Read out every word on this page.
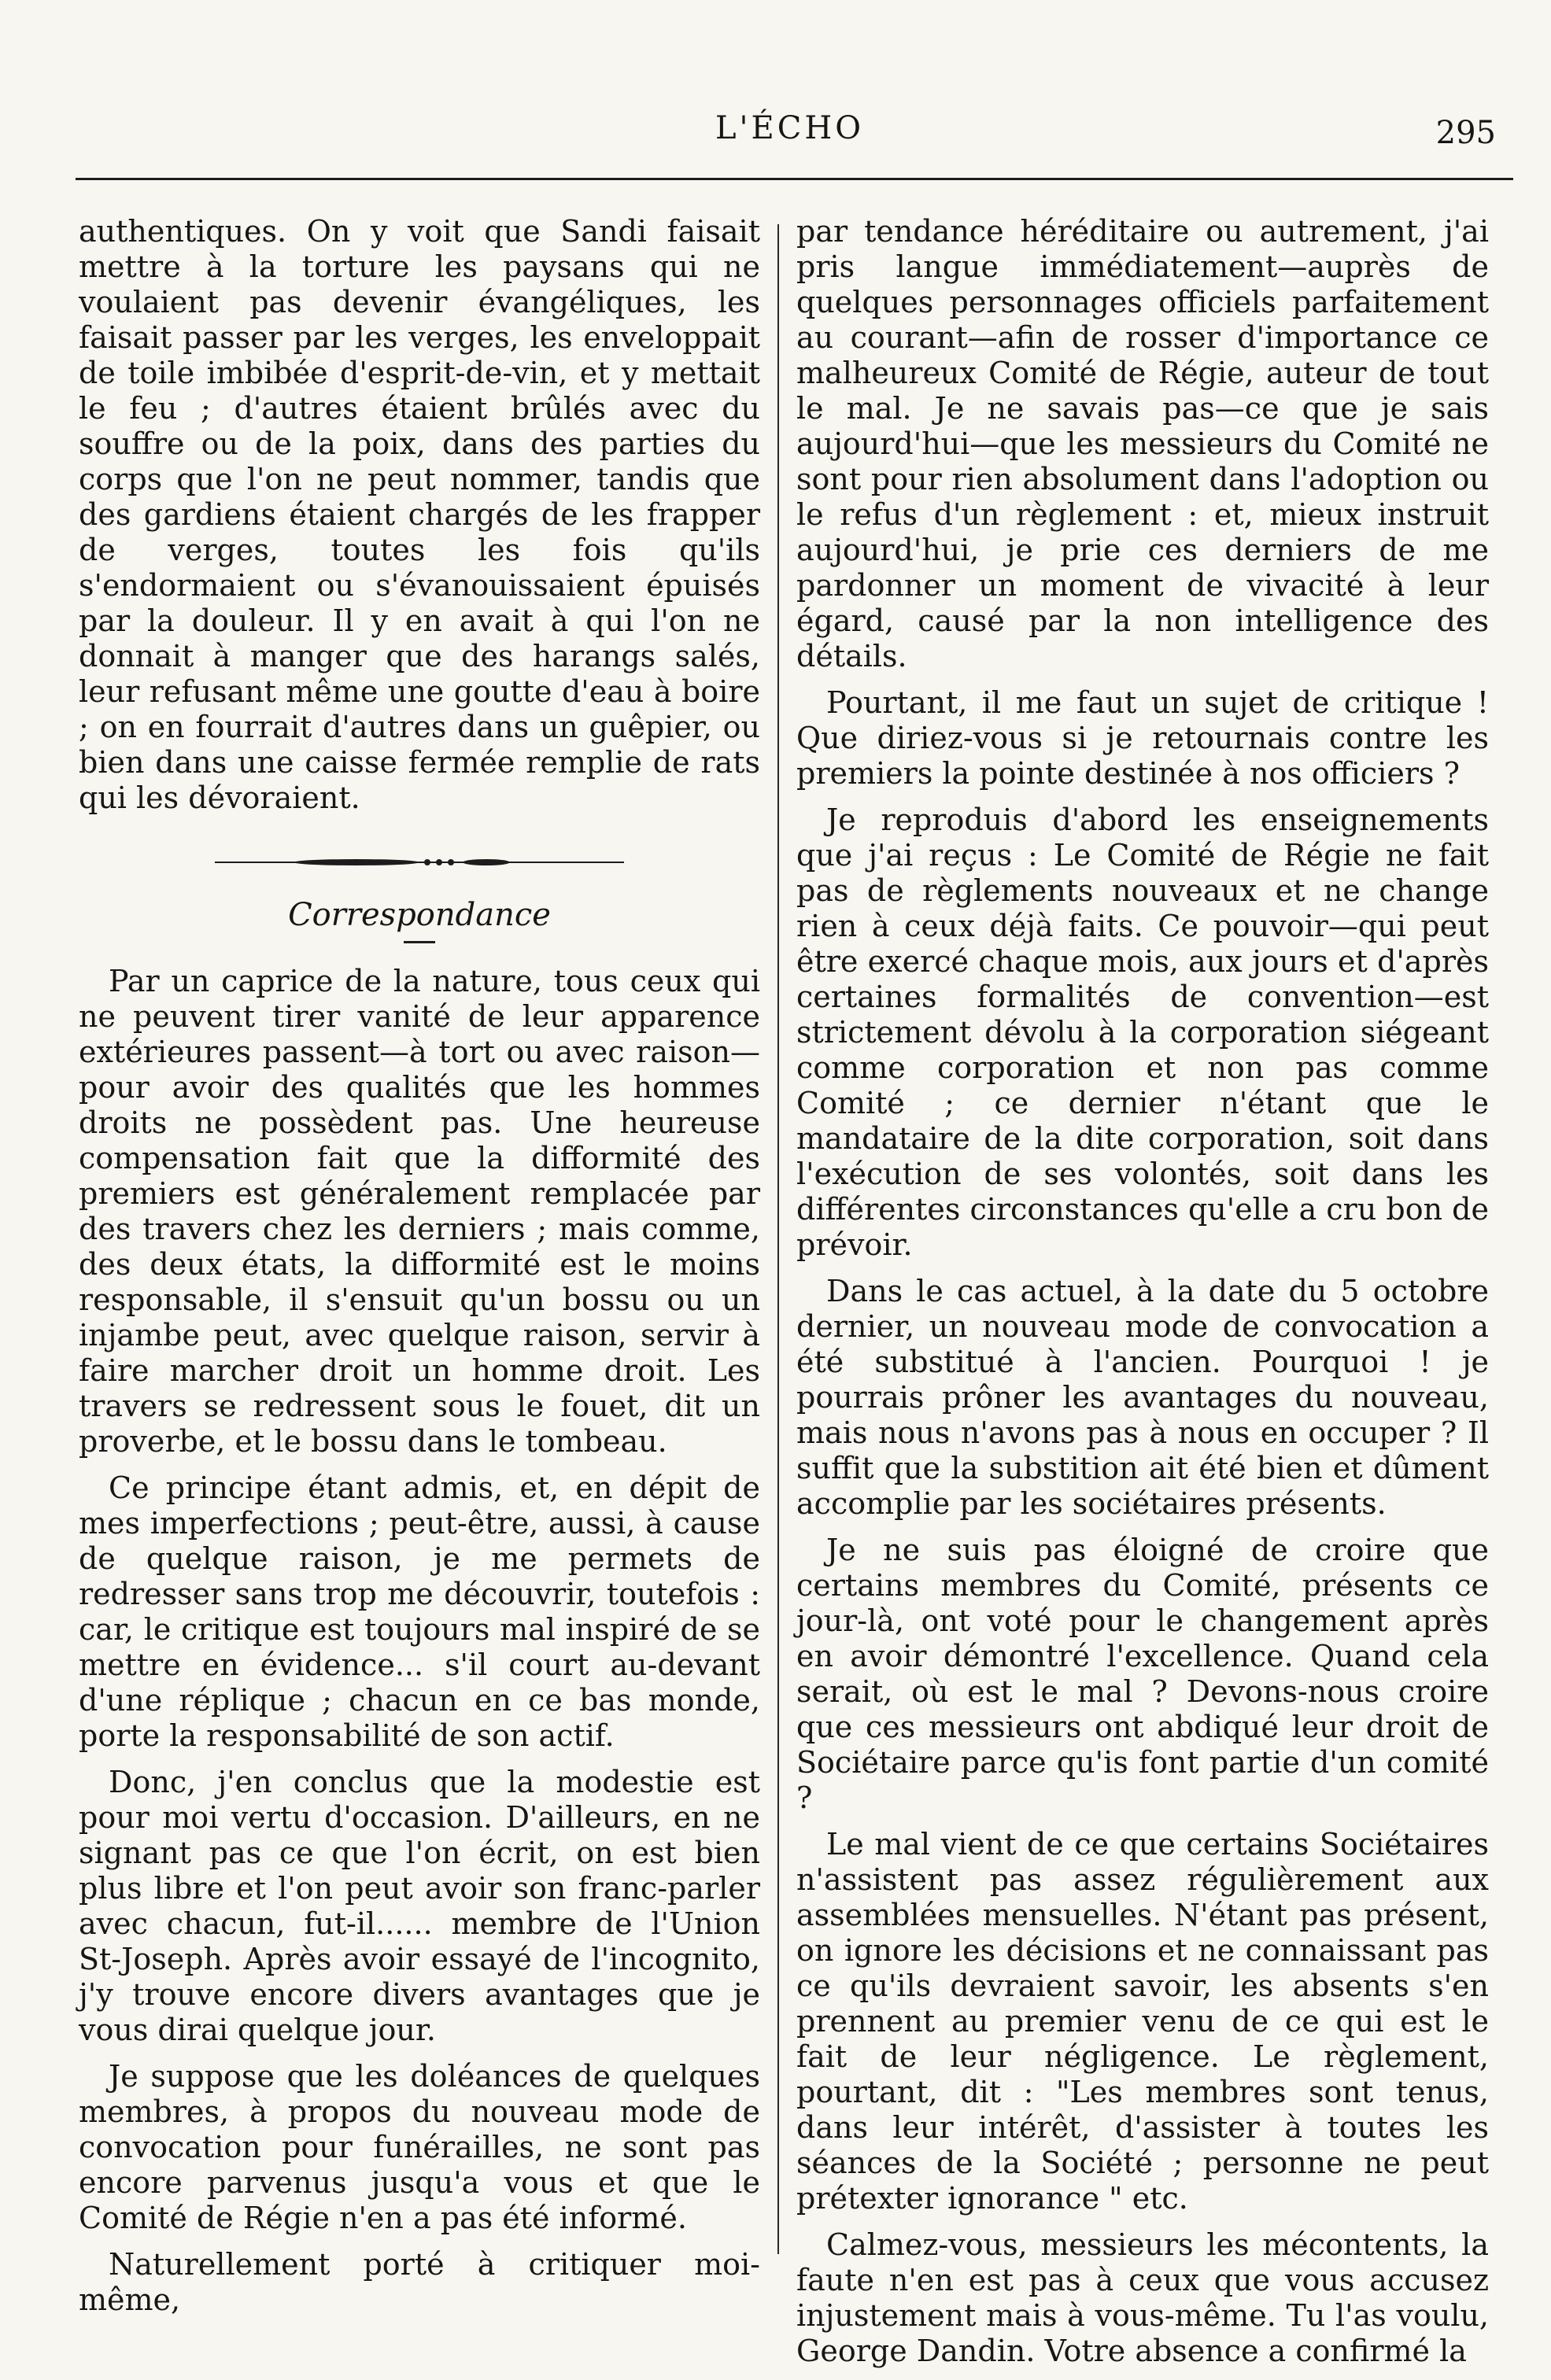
L'ÉCHO	295

authentiques. On y voit que Sandi faisait mettre à la torture les paysans qui ne voulaient pas devenir évangéliques, les faisait passer par les verges, les enveloppait de toile imbibée d'esprit-de-vin, et y mettait le feu ; d'autres étaient brûlés avec du souffre ou de la poix, dans des parties du corps que l'on ne peut nommer, tandis que des gardiens étaient chargés de les frapper de verges, toutes les fois qu'ils s'endormaient ou s'évanouissaient épuisés par la douleur. Il y en avait à qui l'on ne donnait à manger que des harangs salés, leur refusant même une goutte d'eau à boire ; on en fourrait d'autres dans un guêpier, ou bien dans une caisse fermée remplie de rats qui les dévoraient.

Correspondance

Par un caprice de la nature, tous ceux qui ne peuvent tirer vanité de leur apparence extérieures passent—à tort ou avec raison—pour avoir des qualités que les hommes droits ne possèdent pas. Une heureuse compensation fait que la difformité des premiers est généralement remplacée par des travers chez les derniers ; mais comme, des deux états, la difformité est le moins responsable, il s'ensuit qu'un bossu ou un injambe peut, avec quelque raison, servir à faire marcher droit un homme droit. Les travers se redressent sous le fouet, dit un proverbe, et le bossu dans le tombeau.

Ce principe étant admis, et, en dépit de mes imperfections ; peut-être, aussi, à cause de quelque raison, je me permets de redresser sans trop me découvrir, toutefois : car, le critique est toujours mal inspiré de se mettre en évidence... s'il court au-devant d'une réplique ; chacun en ce bas monde, porte la responsabilité de son actif.

Donc, j'en conclus que la modestie est pour moi vertu d'occasion. D'ailleurs, en ne signant pas ce que l'on écrit, on est bien plus libre et l'on peut avoir son franc-parler avec chacun, fut-il...... membre de l'Union St-Joseph. Après avoir essayé de l'incognito, j'y trouve encore divers avantages que je vous dirai quelque jour.

Je suppose que les doléances de quelques membres, à propos du nouveau mode de convocation pour funérailles, ne sont pas encore parvenus jusqu'a vous et que le Comité de Régie n'en a pas été informé.

Naturellement porté à critiquer moi-même,

par tendance héréditaire ou autrement, j'ai pris langue immédiatement—auprès de quelques personnages officiels parfaitement au courant—afin de rosser d'importance ce malheureux Comité de Régie, auteur de tout le mal. Je ne savais pas—ce que je sais aujourd'hui—que les messieurs du Comité ne sont pour rien absolument dans l'adoption ou le refus d'un règlement : et, mieux instruit aujourd'hui, je prie ces derniers de me pardonner un moment de vivacité à leur égard, causé par la non intelligence des détails.

Pourtant, il me faut un sujet de critique ! Que diriez-vous si je retournais contre les premiers la pointe destinée à nos officiers ?

Je reproduis d'abord les enseignements que j'ai reçus : Le Comité de Régie ne fait pas de règlements nouveaux et ne change rien à ceux déjà faits. Ce pouvoir—qui peut être exercé chaque mois, aux jours et d'après certaines formalités de convention—est strictement dévolu à la corporation siégeant comme corporation et non pas comme Comité ; ce dernier n'étant que le mandataire de la dite corporation, soit dans l'exécution de ses volontés, soit dans les différentes circonstances qu'elle a cru bon de prévoir.

Dans le cas actuel, à la date du 5 octobre dernier, un nouveau mode de convocation a été substitué à l'ancien. Pourquoi ! je pourrais prôner les avantages du nouveau, mais nous n'avons pas à nous en occuper ? Il suffit que la substition ait été bien et dûment accomplie par les sociétaires présents.

Je ne suis pas éloigné de croire que certains membres du Comité, présents ce jour-là, ont voté pour le changement après en avoir démontré l'excellence. Quand cela serait, où est le mal ? Devons-nous croire que ces messieurs ont abdiqué leur droit de Sociétaire parce qu'is font partie d'un comité ?

Le mal vient de ce que certains Sociétaires n'assistent pas assez régulièrement aux assemblées mensuelles. N'étant pas présent, on ignore les décisions et ne connaissant pas ce qu'ils devraient savoir, les absents s'en prennent au premier venu de ce qui est le fait de leur négligence. Le règlement, pourtant, dit : "Les membres sont tenus, dans leur intérêt, d'assister à toutes les séances de la Société ; personne ne peut prétexter ignorance " etc.

Calmez-vous, messieurs les mécontents, la faute n'en est pas à ceux que vous accusez injustement mais à vous-même. Tu l'as voulu, George Dandin. Votre absence a confirmé la
